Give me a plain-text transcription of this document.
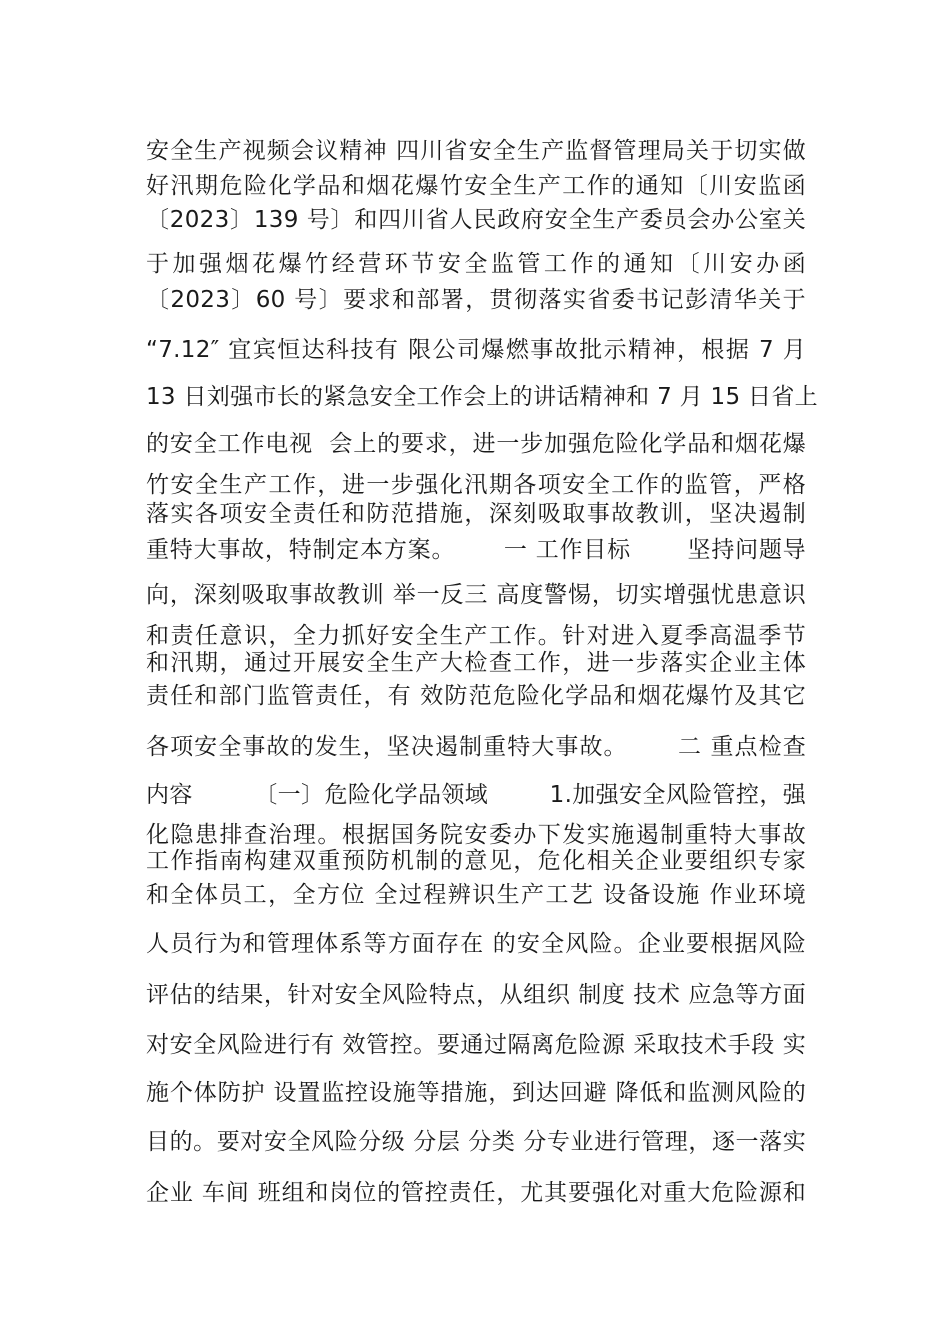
安全生产视频会议精神 四川省安全生产监督管理局关于切实做

好汛期危险化学品和烟花爆竹安全生产工作的通知〔川安监函

〔2023〕139 号〕和四川省人民政府安全生产委员会办公室关

于加强烟花爆竹经营环节安全监管工作的通知〔川安办函

〔2023〕60 号〕要求和部署，贯彻落实省委书记彭清华关于

“7.12″ 宜宾恒达科技有 限公司爆燃事故批示精神，根据 7 月

13 日刘强市长的紧急安全工作会上的讲话精神和 7 月 15 日省上

的安全工作电视  会上的要求，进一步加强危险化学品和烟花爆

竹安全生产工作，进一步强化汛期各项安全工作的监管，严格

落实各项安全责任和防范措施，深刻吸取事故教训，坚决遏制

重特大事故，特制定本方案。      一 工作目标       坚持问题导

向，深刻吸取事故教训 举一反三 高度警惕，切实增强忧患意识

和责任意识，全力抓好安全生产工作。针对进入夏季高温季节

和汛期，通过开展安全生产大检查工作，进一步落实企业主体

责任和部门监管责任，有 效防范危险化学品和烟花爆竹及其它

各项安全事故的发生，坚决遏制重特大事故。      二 重点检查

内容        〔一〕危险化学品领域        1.加强安全风险管控，强

化隐患排查治理。根据国务院安委办下发实施遏制重特大事故

工作指南构建双重预防机制的意见，危化相关企业要组织专家

和全体员工，全方位 全过程辨识生产工艺 设备设施 作业环境

人员行为和管理体系等方面存在 的安全风险。企业要根据风险

评估的结果，针对安全风险特点，从组织 制度 技术 应急等方面

对安全风险进行有 效管控。要通过隔离危险源 采取技术手段 实

施个体防护 设置监控设施等措施，到达回避 降低和监测风险的

目的。要对安全风险分级 分层 分类 分专业进行管理，逐一落实

企业 车间 班组和岗位的管控责任，尤其要强化对重大危险源和
